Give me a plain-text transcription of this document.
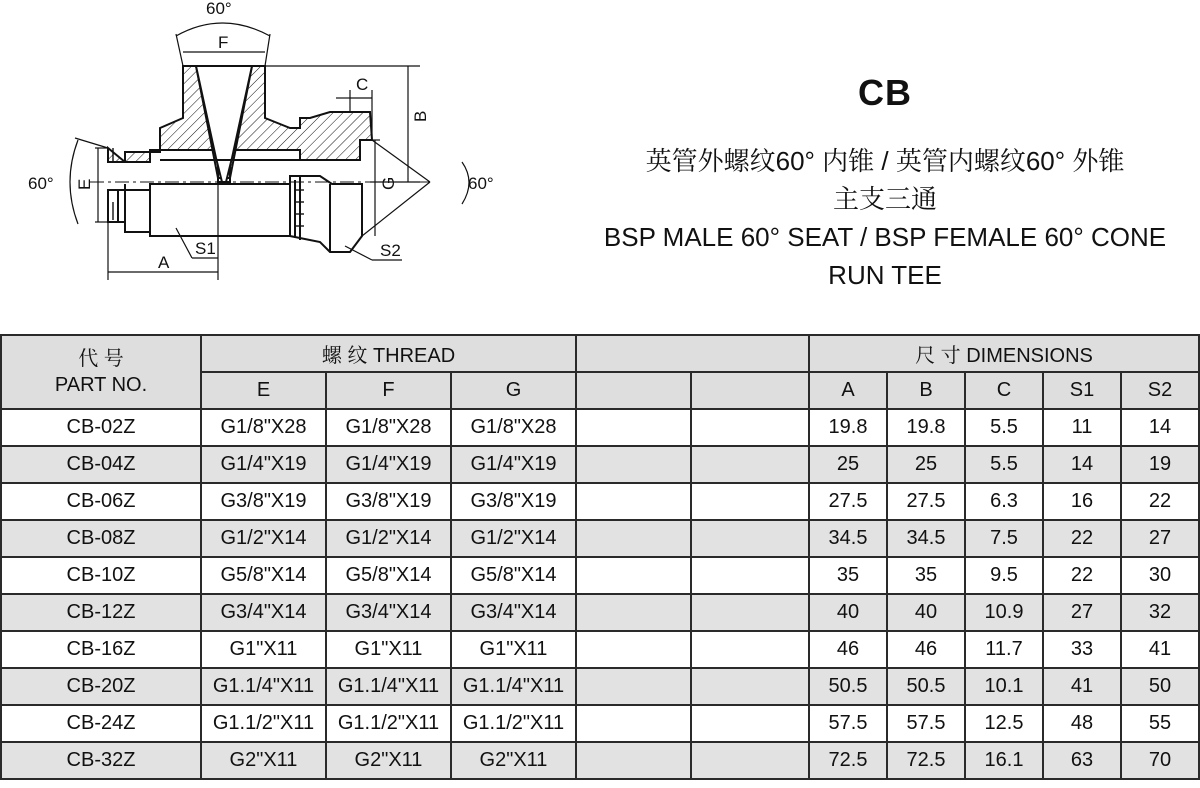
60°
F
C
B
G	60°
60° E
A
S1	S2
CB
英管外螺纹60° 内锥 / 英管内螺纹60° 外锥
主支三通
BSP MALE 60° SEAT / BSP FEMALE 60° CONE
RUN TEE
代 号
PART NO.	螺 纹 THREAD					尺 寸 DIMENSIONS				
	E	F	G			A	B	C	S1	S2
CB-02Z	G1/8"X28	G1/8"X28	G1/8"X28			19.8	19.8	5.5	11	14
CB-04Z	G1/4"X19	G1/4"X19	G1/4"X19			25	25	5.5	14	19
CB-06Z	G3/8"X19	G3/8"X19	G3/8"X19			27.5	27.5	6.3	16	22
CB-08Z	G1/2"X14	G1/2"X14	G1/2"X14			34.5	34.5	7.5	22	27
CB-10Z	G5/8"X14	G5/8"X14	G5/8"X14			35	35	9.5	22	30
CB-12Z	G3/4"X14	G3/4"X14	G3/4"X14			40	40	10.9	27	32
CB-16Z	G1"X11	G1"X11	G1"X11			46	46	11.7	33	41
CB-20Z	G1.1/4"X11	G1.1/4"X11	G1.1/4"X11			50.5	50.5	10.1	41	50
CB-24Z	G1.1/2"X11	G1.1/2"X11	G1.1/2"X11			57.5	57.5	12.5	48	55
CB-32Z	G2"X11	G2"X11	G2"X11			72.5	72.5	16.1	63	70
